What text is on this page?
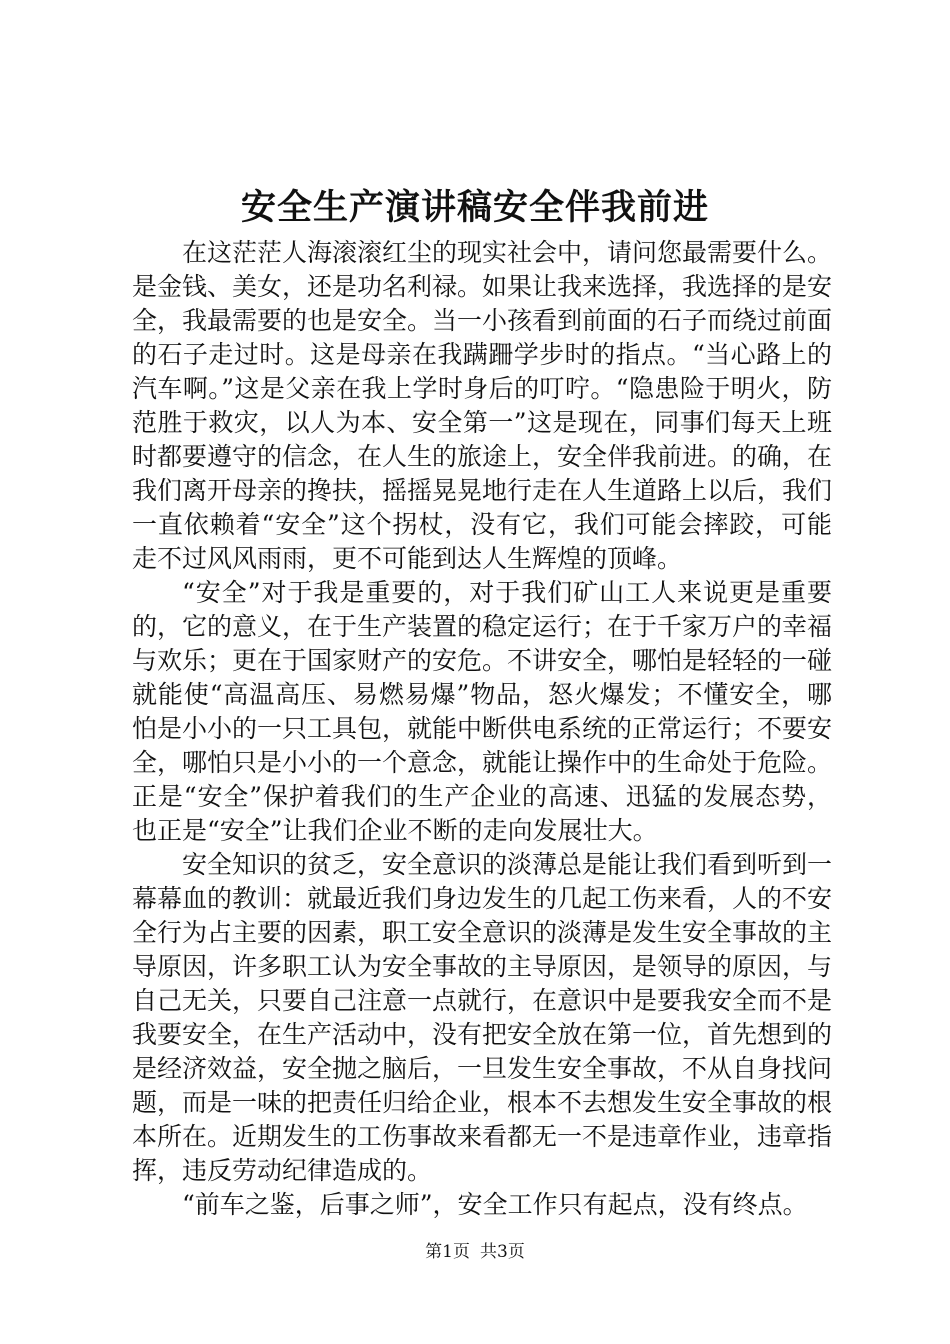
安全生产演讲稿安全伴我前进

在这茫茫人海滚滚红尘的现实社会中，请问您最需要什么。是金钱、美女，还是功名利禄。如果让我来选择，我选择的是安全，我最需要的也是安全。当一小孩看到前面的石子而绕过前面的石子走过时。这是母亲在我蹒跚学步时的指点。“当心路上的汽车啊。”这是父亲在我上学时身后的叮咛。“隐患险于明火，防范胜于救灾，以人为本、安全第一”这是现在，同事们每天上班时都要遵守的信念，在人生的旅途上，安全伴我前进。的确，在我们离开母亲的搀扶，摇摇晃晃地行走在人生道路上以后，我们一直依赖着“安全”这个拐杖，没有它，我们可能会摔跤，可能走不过风风雨雨，更不可能到达人生辉煌的顶峰。

“安全”对于我是重要的，对于我们矿山工人来说更是重要的，它的意义，在于生产装置的稳定运行；在于千家万户的幸福与欢乐；更在于国家财产的安危。不讲安全，哪怕是轻轻的一碰就能使“高温高压、易燃易爆”物品，怒火爆发；不懂安全，哪怕是小小的一只工具包，就能中断供电系统的正常运行；不要安全，哪怕只是小小的一个意念，就能让操作中的生命处于危险。正是“安全”保护着我们的生产企业的高速、迅猛的发展态势，也正是“安全”让我们企业不断的走向发展壮大。

安全知识的贫乏，安全意识的淡薄总是能让我们看到听到一幕幕血的教训：就最近我们身边发生的几起工伤来看，人的不安全行为占主要的因素，职工安全意识的淡薄是发生安全事故的主导原因，许多职工认为安全事故的主导原因，是领导的原因，与自己无关，只要自己注意一点就行，在意识中是要我安全而不是我要安全，在生产活动中，没有把安全放在第一位，首先想到的是经济效益，安全抛之脑后，一旦发生安全事故，不从自身找问题，而是一味的把责任归给企业，根本不去想发生安全事故的根本所在。近期发生的工伤事故来看都无一不是违章作业，违章指挥，违反劳动纪律造成的。

“前车之鉴，后事之师”，安全工作只有起点，没有终点。

第1页 共3页
